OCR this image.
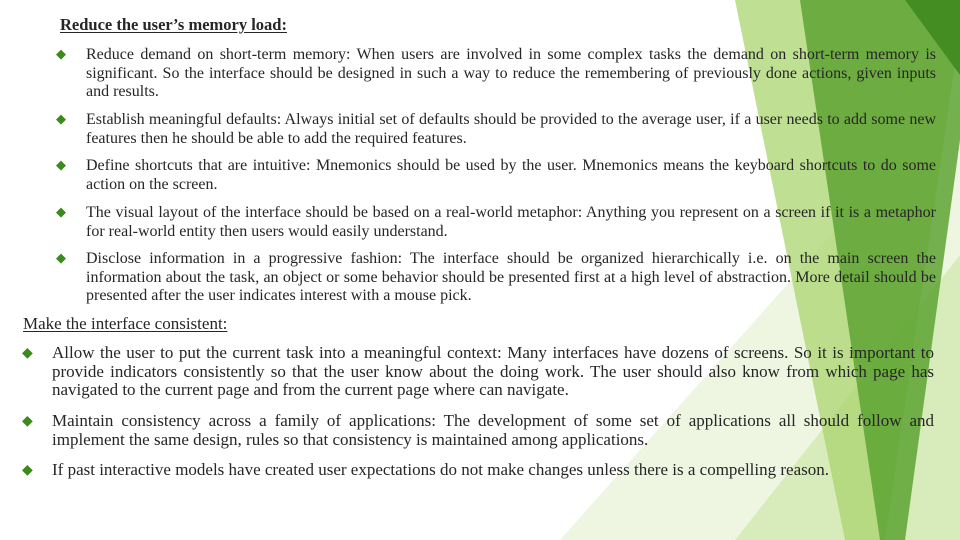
Reduce the user’s memory load:
◆	Reduce demand on short-term memory: When users are involved in some complex tasks the demand on short-term memory is significant. So the interface should be designed in such a way to reduce the remembering of previously done actions, given inputs and results.
◆	Establish meaningful defaults: Always initial set of defaults should be provided to the average user, if a user needs to add some new features then he should be able to add the required features.
◆	Define shortcuts that are intuitive: Mnemonics should be used by the user. Mnemonics means the keyboard shortcuts to do some action on the screen.
◆	The visual layout of the interface should be based on a real-world metaphor: Anything you represent on a screen if it is a metaphor for real-world entity then users would easily understand.
◆	Disclose information in a progressive fashion: The interface should be organized hierarchically i.e. on the main screen the information about the task, an object or some behavior should be presented first at a high level of abstraction. More detail should be presented after the user indicates interest with a mouse pick.
Make the interface consistent:
◆	Allow the user to put the current task into a meaningful context: Many interfaces have dozens of screens. So it is important to provide indicators consistently so that the user know about the doing work. The user should also know from which page has navigated to the current page and from the current page where can navigate.
◆	Maintain consistency across a family of applications: The development of some set of applications all should follow and implement the same design, rules so that consistency is maintained among applications.
◆	If past interactive models have created user expectations do not make changes unless there is a compelling reason.
